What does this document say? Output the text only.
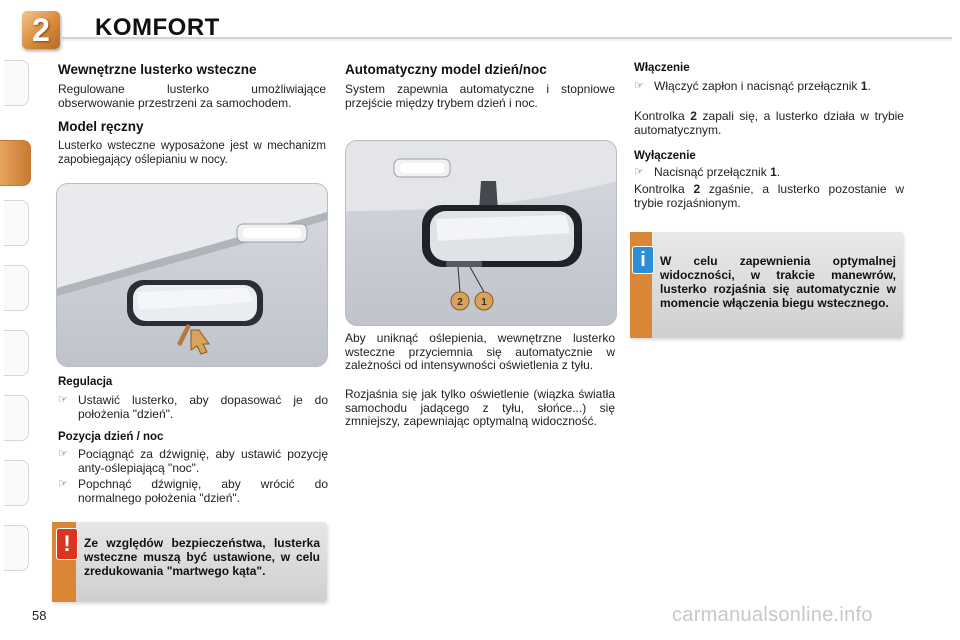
2	KOMFORT
Wewnętrzne lusterko wsteczne

Regulowane lusterko umożliwiające obserwowanie przestrzeni za samochodem.

Model ręczny

Lusterko wsteczne wyposażone jest w mechanizm zapobiegający oślepianiu w nocy.

Regulacja
☞ Ustawić lusterko, aby dopasować je do położenia "dzień".
Pozycja dzień / noc
☞ Pociągnąć za dźwignię, aby ustawić pozycję anty-oślepiającą "noc".
☞ Popchnąć dźwignię, aby wrócić do normalnego położenia "dzień".
!	Ze względów bezpieczeństwa, lusterka wsteczne muszą być ustawione, w celu zredukowania "martwego kąta".
Automatyczny model dzień/noc

System zapewnia automatyczne i stopniowe przejście między trybem dzień i noc.

2 1

Aby uniknąć oślepienia, wewnętrzne lusterko wsteczne przyciemnia się automatycznie w zależności od intensywności oświetlenia z tyłu.

Rozjaśnia się jak tylko oświetlenie (wiązka światła samochodu jadącego z tyłu, słońce...) się zmniejszy, zapewniając optymalną widoczność.

Włączenie
☞ Włączyć zapłon i nacisnąć przełącznik 1.

Kontrolka 2 zapali się, a lusterko działa w trybie automatycznym.

Wyłączenie
☞ Nacisnąć przełącznik 1.

Kontrolka 2 zgaśnie, a lusterko pozostanie w trybie rozjaśnionym.

i	W celu zapewnienia optymalnej widoczności, w trakcie manewrów, lusterko rozjaśnia się automatycznie w momencie włączenia biegu wstecznego.
58	carmanualsonline.info
